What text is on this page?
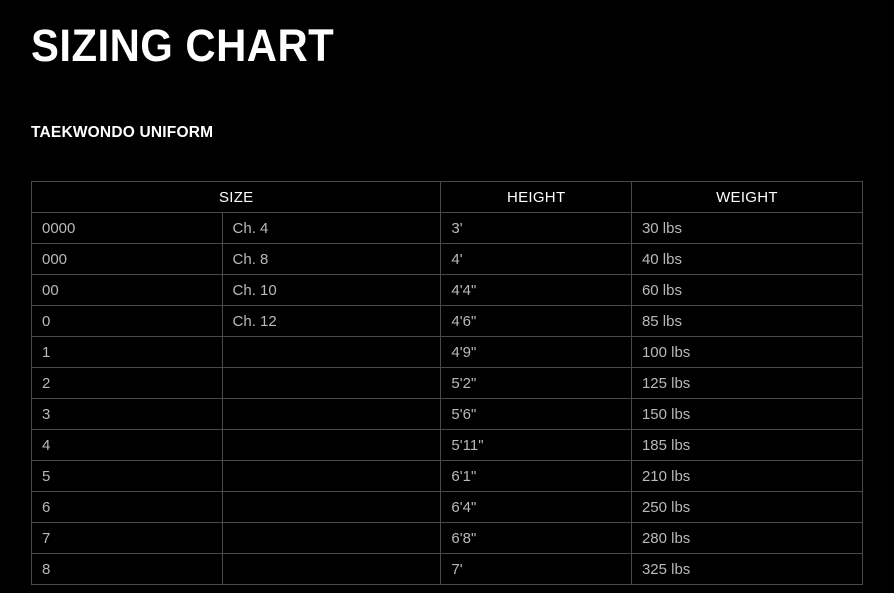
SIZING CHART
TAEKWONDO UNIFORM
SIZE		HEIGHT	WEIGHT
0000	Ch. 4	3'	30 lbs
000	Ch. 8	4'	40 lbs
00	Ch. 10	4'4"	60 lbs
0	Ch. 12	4'6"	85 lbs
1		4'9"	100 lbs
2		5'2"	125 lbs
3		5'6"	150 lbs
4		5'11"	185 lbs
5		6'1"	210 lbs
6		6'4"	250 lbs
7		6'8"	280 lbs
8		7'	325 lbs
